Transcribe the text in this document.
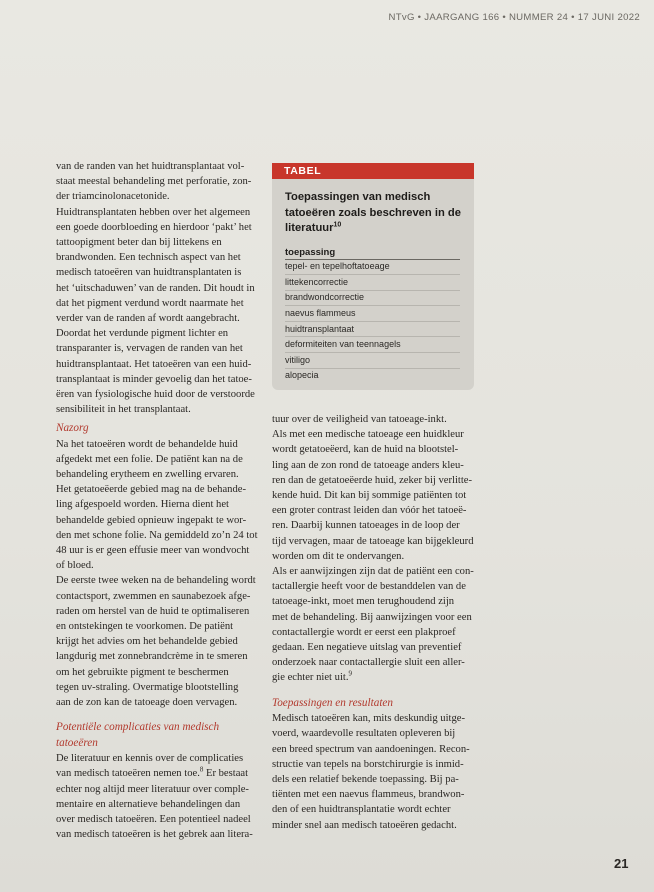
NTvG • JAARGANG 166 • NUMMER 24 • 17 JUNI 2022
van de randen van het huidtransplantaat vol-
staat meestal behandeling met perforatie, zon-
der triamcinolonacetonide.
Huidtransplantaten hebben over het algemeen
een goede doorbloeding en hierdoor ‘pakt’ het
tattoopigment beter dan bij littekens en
brandwonden. Een technisch aspect van het
medisch tatoeëren van huidtransplantaten is
het ‘uitschaduwen’ van de randen. Dit houdt in
dat het pigment verdund wordt naarmate het
verder van de randen af wordt aangebracht.
Doordat het verdunde pigment lichter en
transparanter is, vervagen de randen van het
huidtransplantaat. Het tatoeëren van een huid-
transplantaat is minder gevoelig dan het tatoe-
ëren van fysiologische huid door de verstoorde
sensibiliteit in het transplantaat.
TABEL
Toepassingen van medisch
tatoeëren zoals beschreven in de
literatuur$^{10}$
toepassing
tepel- en tepelhoftatoeage
littekencorrectie
brandwondcorrectie
naevus flammeus
huidtransplantaat
deformiteiten van teennagels
vitiligo
alopecia
Nazorg
Na het tatoeëren wordt de behandelde huid
afgedekt met een folie. De patiënt kan na de
behandeling erytheem en zwelling ervaren.
Het getatoeëerde gebied mag na de behande-
ling afgespoeld worden. Hierna dient het
behandelde gebied opnieuw ingepakt te wor-
den met schone folie. Na gemiddeld zo’n 24 tot
48 uur is er geen effusie meer van wondvocht
of bloed.
De eerste twee weken na de behandeling wordt
contactsport, zwemmen en saunabezoek afge-
raden om herstel van de huid te optimaliseren
en ontstekingen te voorkomen. De patiënt
krijgt het advies om het behandelde gebied
langdurig met zonnebrandcrème in te smeren
om het gebruikte pigment te beschermen
tegen uv-straling. Overmatige blootstelling
aan de zon kan de tatoeage doen vervagen.
Potentiële complicaties van medisch
tatoeëren
De literatuur en kennis over de complicaties
van medisch tatoeëren nemen toe.$^8$ Er bestaat
echter nog altijd meer literatuur over comple-
mentaire en alternatieve behandelingen dan
over medisch tatoeëren. Een potentieel nadeel
van medisch tatoeëren is het gebrek aan litera-
tuur over de veiligheid van tatoeage-inkt.
Als met een medische tatoeage een huidkleur
wordt getatoeëerd, kan de huid na blootstel-
ling aan de zon rond de tatoeage anders kleu-
ren dan de getatoeëerde huid, zeker bij verlitte-
kende huid. Dit kan bij sommige patiënten tot
een groter contrast leiden dan vóór het tatoeë-
ren. Daarbij kunnen tatoeages in de loop der
tijd vervagen, maar de tatoeage kan bijgekleurd
worden om dit te ondervangen.
Als er aanwijzingen zijn dat de patiënt een con-
tactallergie heeft voor de bestanddelen van de
tatoeage-inkt, moet men terughoudend zijn
met de behandeling. Bij aanwijzingen voor een
contactallergie wordt er eerst een plakproef
gedaan. Een negatieve uitslag van preventief
onderzoek naar contactallergie sluit een aller-
gie echter niet uit.$^9$
Toepassingen en resultaten
Medisch tatoeëren kan, mits deskundig uitge-
voerd, waardevolle resultaten opleveren bij
een breed spectrum van aandoeningen. Recon-
structie van tepels na borstchirurgie is inmid-
dels een relatief bekende toepassing. Bij pa-
tiënten met een naevus flammeus, brandwon-
den of een huidtransplantatie wordt echter
minder snel aan medisch tatoeëren gedacht.
21
